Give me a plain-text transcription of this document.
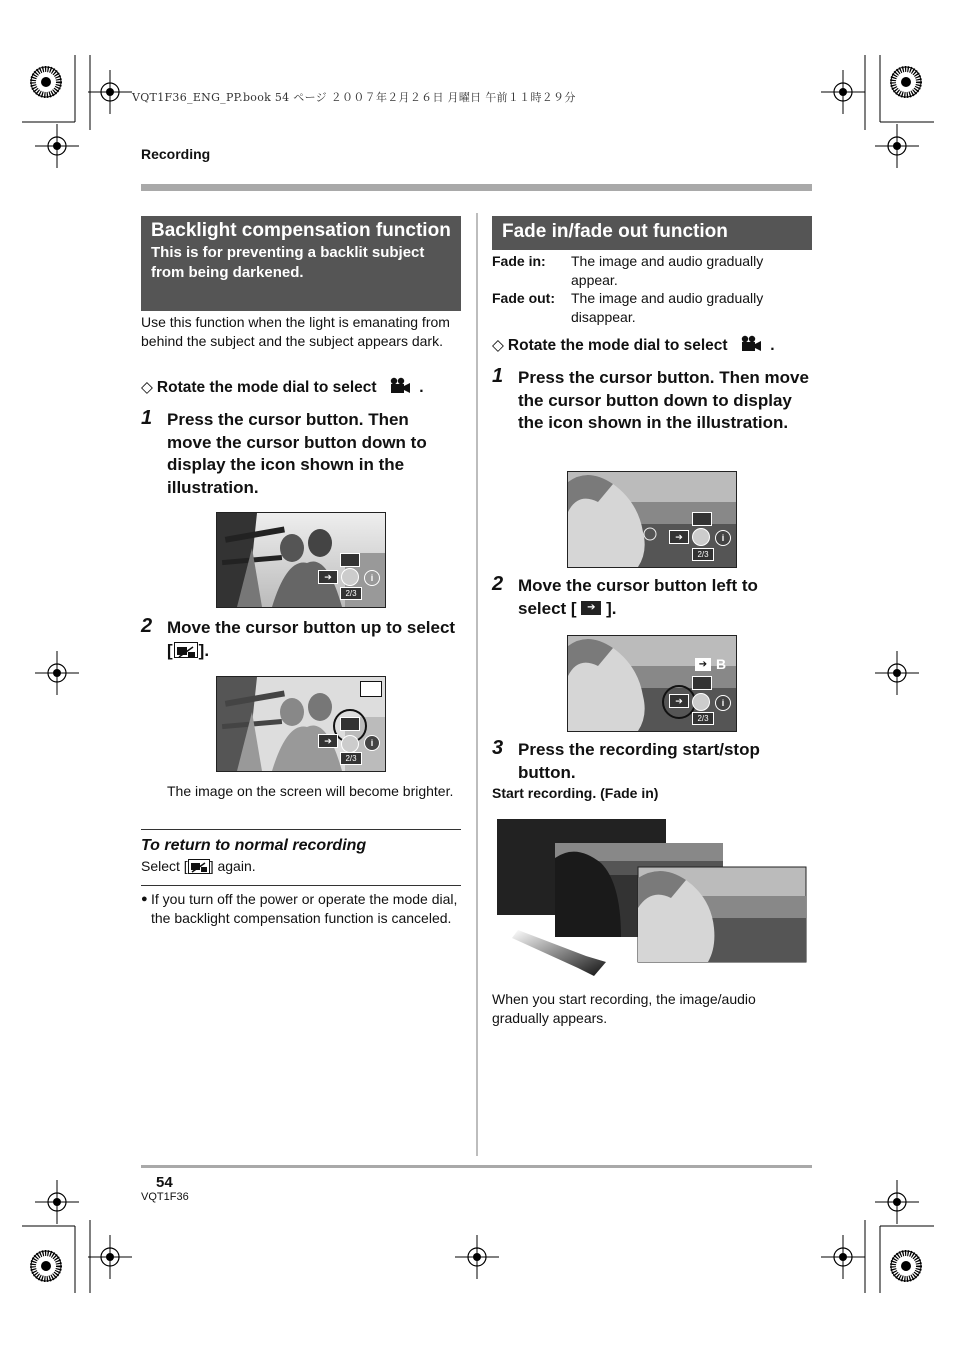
VQT1F36_ENG_PP.book 54 ページ ２００７年２月２６日 月曜日 午前１１時２９分
Recording
Backlight compensation function
This is for preventing a backlit subject from being darkened.
Use this function when the light is emanating from behind the subject and the subject appears dark.
◇ Rotate the mode dial to select	.
1 Press the cursor button. Then move the cursor button down to display the icon shown in the illustration.
➔	i
2/3
2 Move the cursor button up to select [ ].
➔	i
2/3
The image on the screen will become brighter.
To return to normal recording
Select [ ] again.
● If you turn off the power or operate the mode dial, the backlight compensation function is canceled.
Fade in/fade out function
Fade in:	The image and audio gradually appear.
Fade out:	The image and audio gradually disappear.
◇ Rotate the mode dial to select	.
1 Press the cursor button. Then move the cursor button down to display the icon shown in the illustration.
➔	i
2/3
2 Move the cursor button left to select [ ➔ ].
➔ B
➔	i
2/3
3 Press the recording start/stop button.
Start recording. (Fade in)
When you start recording, the image/audio gradually appears.
54
VQT1F36
